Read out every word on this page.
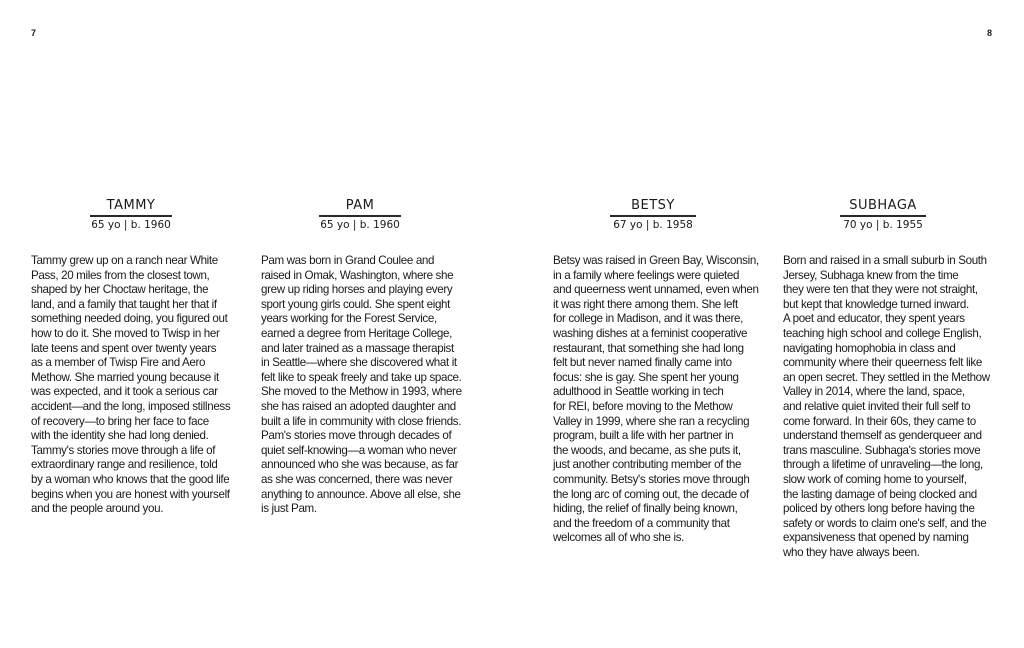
7	8
TAMMY
65 yo | b. 1960

Tammy grew up on a ranch near White
Pass, 20 miles from the closest town,
shaped by her Choctaw heritage, the
land, and a family that taught her that if
something needed doing, you figured out
how to do it. She moved to Twisp in her
late teens and spent over twenty years
as a member of Twisp Fire and Aero
Methow. She married young because it
was expected, and it took a serious car
accident—and the long, imposed stillness
of recovery—to bring her face to face
with the identity she had long denied.
Tammy's stories move through a life of
extraordinary range and resilience, told
by a woman who knows that the good life
begins when you are honest with yourself
and the people around you.

PAM
65 yo | b. 1960

Pam was born in Grand Coulee and
raised in Omak, Washington, where she
grew up riding horses and playing every
sport young girls could. She spent eight
years working for the Forest Service,
earned a degree from Heritage College,
and later trained as a massage therapist
in Seattle—where she discovered what it
felt like to speak freely and take up space.
She moved to the Methow in 1993, where
she has raised an adopted daughter and
built a life in community with close friends.
Pam's stories move through decades of
quiet self-knowing—a woman who never
announced who she was because, as far
as she was concerned, there was never
anything to announce. Above all else, she
is just Pam.

BETSY
67 yo | b. 1958

Betsy was raised in Green Bay, Wisconsin,
in a family where feelings were quieted
and queerness went unnamed, even when
it was right there among them. She left
for college in Madison, and it was there,
washing dishes at a feminist cooperative
restaurant, that something she had long
felt but never named finally came into
focus: she is gay. She spent her young
adulthood in Seattle working in tech
for REI, before moving to the Methow
Valley in 1999, where she ran a recycling
program, built a life with her partner in
the woods, and became, as she puts it,
just another contributing member of the
community. Betsy's stories move through
the long arc of coming out, the decade of
hiding, the relief of finally being known,
and the freedom of a community that
welcomes all of who she is.

SUBHAGA
70 yo | b. 1955

Born and raised in a small suburb in South
Jersey, Subhaga knew from the time
they were ten that they were not straight,
but kept that knowledge turned inward.
A poet and educator, they spent years
teaching high school and college English,
navigating homophobia in class and
community where their queerness felt like
an open secret. They settled in the Methow
Valley in 2014, where the land, space,
and relative quiet invited their full self to
come forward. In their 60s, they came to
understand themself as genderqueer and
trans masculine. Subhaga's stories move
through a lifetime of unraveling—the long,
slow work of coming home to yourself,
the lasting damage of being clocked and
policed by others long before having the
safety or words to claim one's self, and the
expansiveness that opened by naming
who they have always been.
